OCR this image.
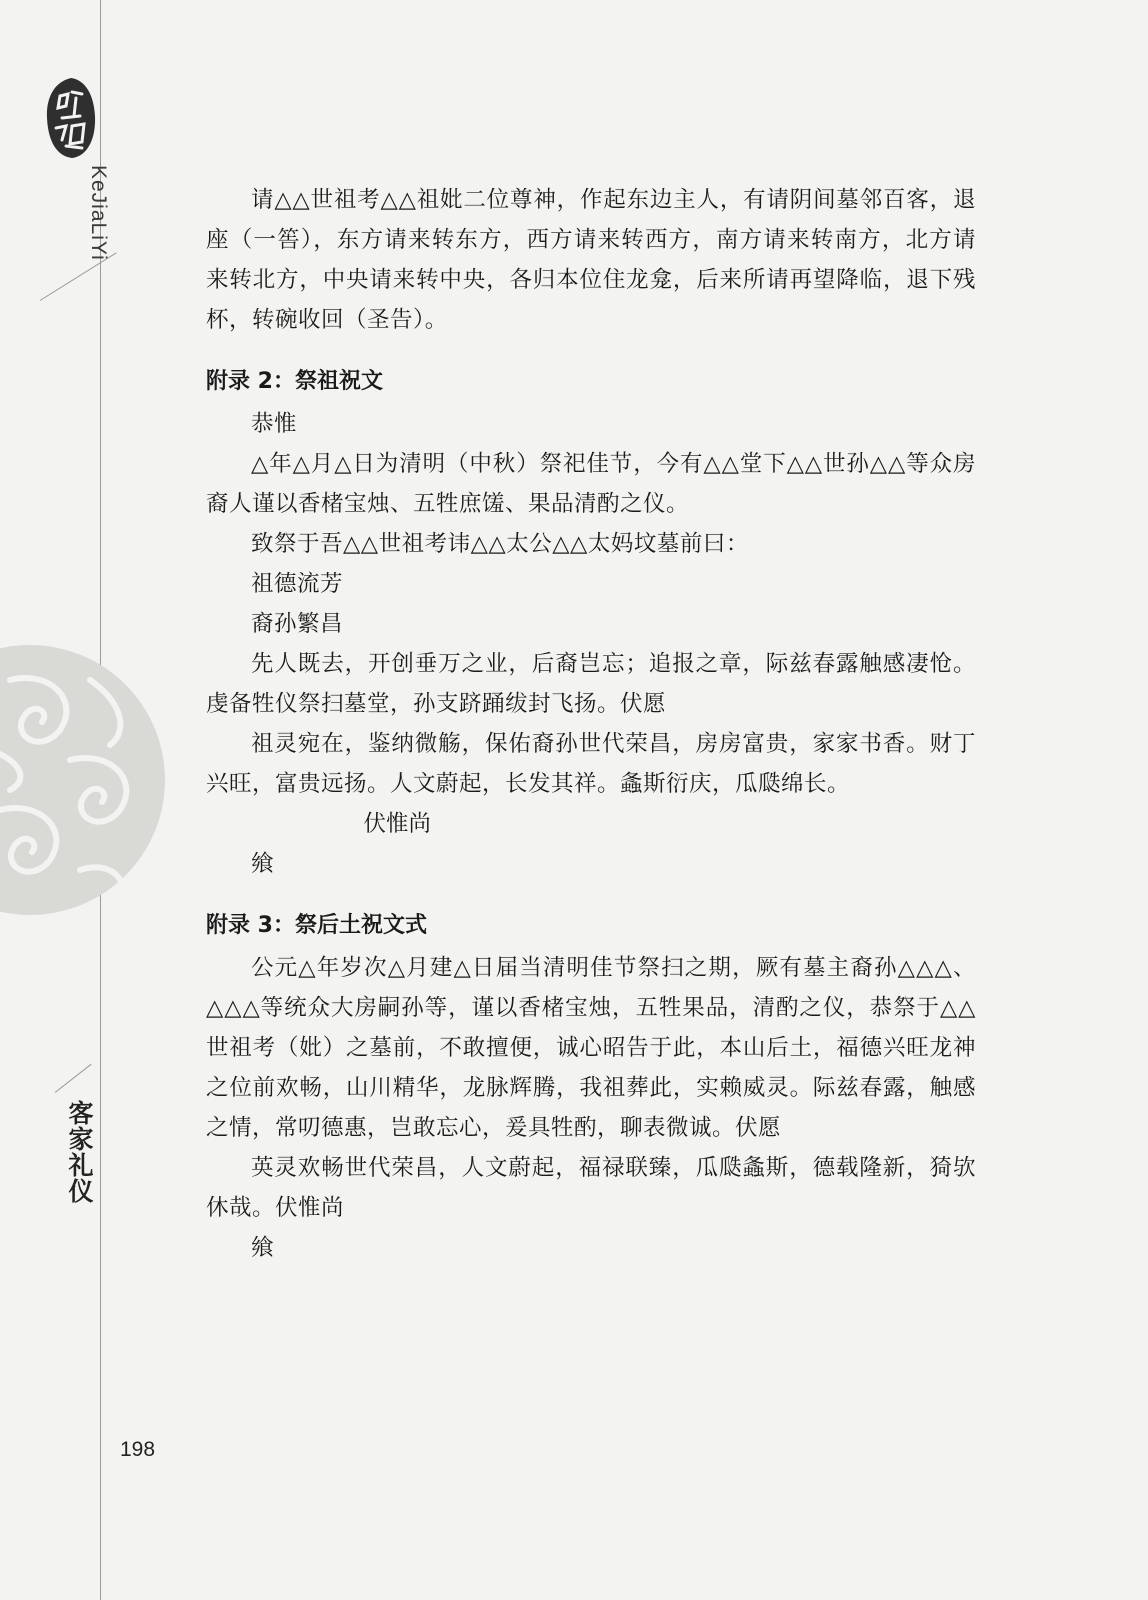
KeJiaLiYi
客家礼仪

请△△世祖考△△祖妣二位尊神，作起东边主人，有请阴间墓邻百客，退座（一筶），东方请来转东方，西方请来转西方，南方请来转南方，北方请来转北方，中央请来转中央，各归本位住龙龛，后来所请再望降临，退下残杯，转碗收回（圣告）。

附录 2：祭祖祝文

恭惟

△年△月△日为清明（中秋）祭祀佳节，今有△△堂下△△世孙△△等众房裔人谨以香楮宝烛、五牲庶馐、果品清酌之仪。

致祭于吾△△世祖考讳△△太公△△太妈坟墓前曰：

祖德流芳

裔孙繁昌

先人既去，开创垂万之业，后裔岂忘；追报之章，际兹春露触感凄怆。虔备牲仪祭扫墓堂，孙支跻踊绂封飞扬。伏愿

祖灵宛在，鉴纳微觞，保佑裔孙世代荣昌，房房富贵，家家书香。财丁兴旺，富贵远扬。人文蔚起，长发其祥。螽斯衍庆，瓜瓞绵长。

伏惟尚

飨

附录 3：祭后土祝文式

公元△年岁次△月建△日届当清明佳节祭扫之期，厥有墓主裔孙△△△、△△△等统众大房嗣孙等，谨以香楮宝烛，五牲果品，清酌之仪，恭祭于△△世祖考（妣）之墓前，不敢擅便，诚心昭告于此，本山后土，福德兴旺龙神之位前欢畅，山川精华，龙脉辉腾，我祖葬此，实赖威灵。际兹春露，触感之情，常叨德惠，岂敢忘心，爰具牲酌，聊表微诚。伏愿

英灵欢畅世代荣昌，人文蔚起，福禄联臻，瓜瓞螽斯，德载隆新，猗欤休哉。伏惟尚

飨

198
